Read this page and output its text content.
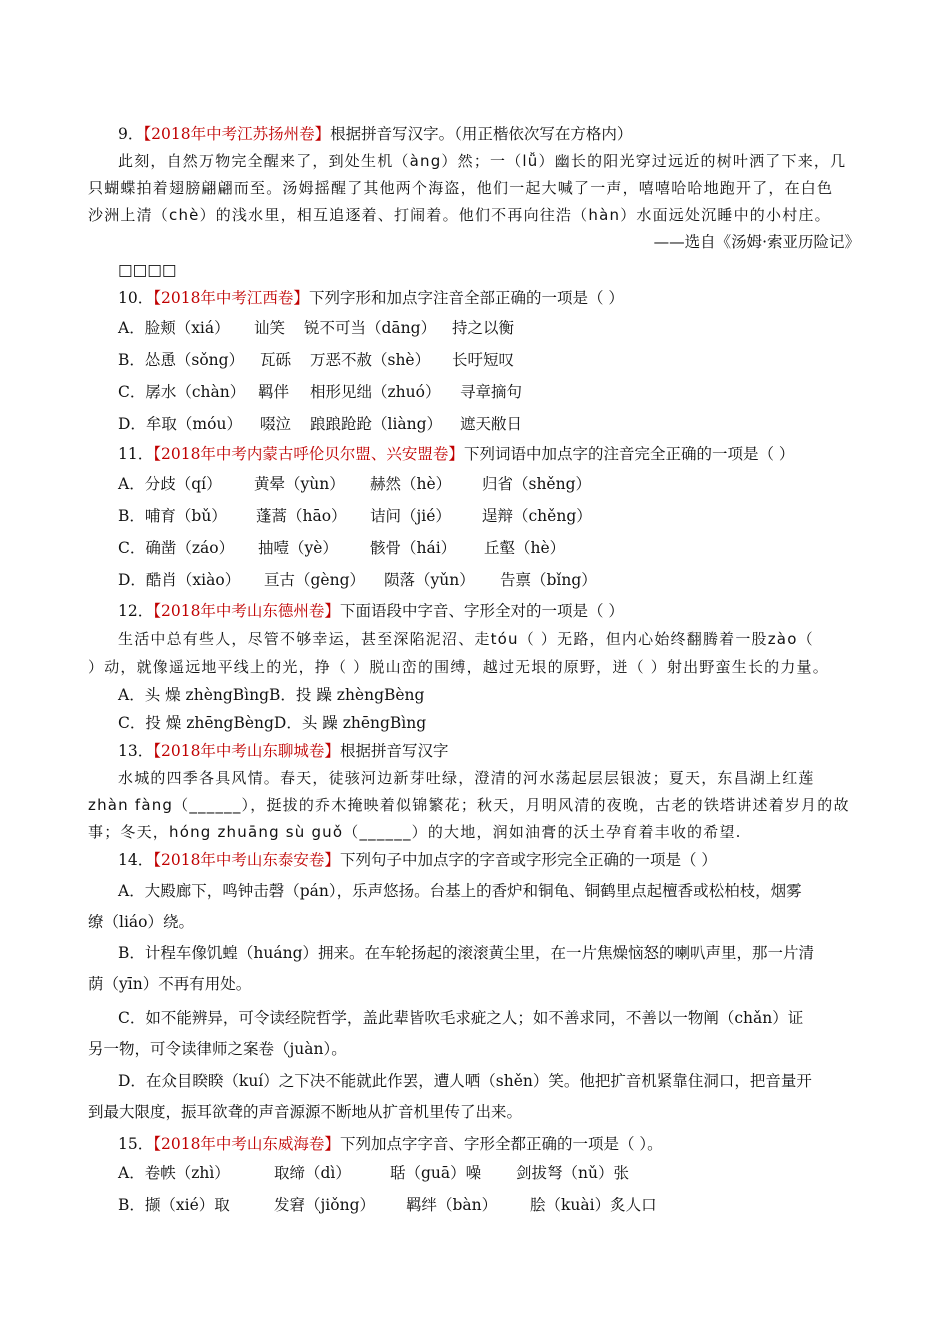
9．【2018年中考江苏扬州卷】根据拼音写汉字。（用正楷依次写在方格内）
此刻，自然万物完全醒来了，到处生机（àng）然；一（lǚ）幽长的阳光穿过远近的树叶洒了下来，几
只蝴蝶拍着翅膀翩翩而至。汤姆摇醒了其他两个海盗，他们一起大喊了一声，嘻嘻哈哈地跑开了，在白色
沙洲上清（chè）的浅水里，相互追逐着、打闹着。他们不再向往浩（hàn）水面远处沉睡中的小村庄。
——选自《汤姆·索亚历险记》
□□□□
10．【2018年中考江西卷】下列字形和加点字注音全部正确的一项是（ ）
A．脸颊（xiá） 讪笑 锐不可当（dāng） 持之以衡
B．怂恿（sǒng） 瓦砾 万恶不赦（shè） 长吁短叹
C．孱水（chàn） 羁伴 相形见绌（zhuó） 寻章摘句
D．牟取（móu） 啜泣 踉踉跄跄（liàng） 遮天敝日
11．【2018年中考内蒙古呼伦贝尔盟、兴安盟卷】下列词语中加点字的注音完全正确的一项是（ ）
A．分歧（qí） 黄晕（yùn） 赫然（hè） 归省（shěng）
B．哺育（bǔ） 蓬蒿（hāo） 诘问（jié） 逞辩（chěng）
C．确凿（záo） 抽噎（yè） 骸骨（hái） 丘壑（hè）
D．酷肖（xiào） 亘古（gèng） 陨落（yǔn） 告禀（bǐng）
12．【2018年中考山东德州卷】下面语段中字音、字形全对的一项是（ ）
生活中总有些人，尽管不够幸运，甚至深陷泥沼、走tóu（ ）无路，但内心始终翻腾着一股zào（
）动，就像遥远地平线上的光，挣（ ）脱山峦的围缚，越过无垠的原野，迸（ ）射出野蛮生长的力量。
A．头 燥 zhèngBìngB．投 躁 zhèngBèng
C．投 燥 zhēngBèngD．头 躁 zhēngBìng
13．【2018年中考山东聊城卷】根据拼音写汉字
水城的四季各具风情。春天，徒骇河边新芽吐绿，澄清的河水荡起层层银波；夏天，东昌湖上红莲
zhàn fàng（______），挺拔的乔木掩映着似锦繁花；秋天，月明风清的夜晚，古老的铁塔讲述着岁月的故
事；冬天，hóng zhuāng sù guǒ（______）的大地，润如油膏的沃土孕育着丰收的希望.
14．【2018年中考山东泰安卷】下列句子中加点字的字音或字形完全正确的一项是（ ）
A．大殿廊下，鸣钟击磬（pán），乐声悠扬。台基上的香炉和铜龟、铜鹤里点起檀香或松柏枝，烟雾
缭（liáo）绕。
B．计程车像饥蝗（huáng）拥来。在车轮扬起的滚滚黄尘里，在一片焦燥恼怒的喇叭声里，那一片清
荫（yīn）不再有用处。
C．如不能辨异，可令读经院哲学，盖此辈皆吹毛求疵之人；如不善求同，不善以一物阐（chǎn）证
另一物，可令读律师之案卷（juàn）。
D．在众目睽睽（kuí）之下决不能就此作罢，遭人哂（shěn）笑。他把扩音机紧靠住洞口，把音量开
到最大限度，振耳欲聋的声音源源不断地从扩音机里传了出来。
15．【2018年中考山东威海卷】下列加点字字音、字形全都正确的一项是（ ）。
A．卷帙（zhì）	取缔（dì）	聒（guā）噪 剑拔弩（nǔ）张
B．撷（xié）取	发窘（jiǒng） 羁绊（bàn） 脍（kuài）炙人口
